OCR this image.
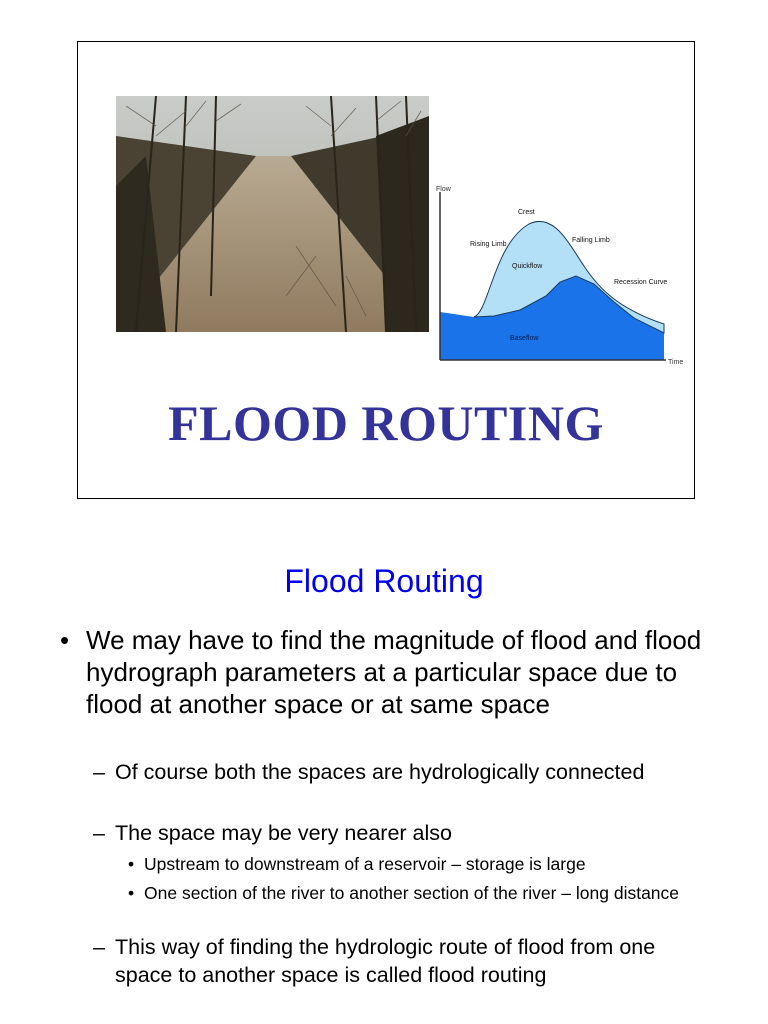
Flow
Time
Crest
Rising Limb
Falling Limb
Quickflow
Recession Curve
Baseflow
FLOOD ROUTING
Flood Routing
• We may have to find the magnitude of flood and flood hydrograph parameters at a particular space due to flood at another space or at same space
– Of course both the spaces are hydrologically connected
– The space may be very nearer also
• Upstream to downstream of a reservoir – storage is large
• One section of the river to another section of the river – long distance
– This way of finding the hydrologic route of flood from one space to another space is called flood routing
